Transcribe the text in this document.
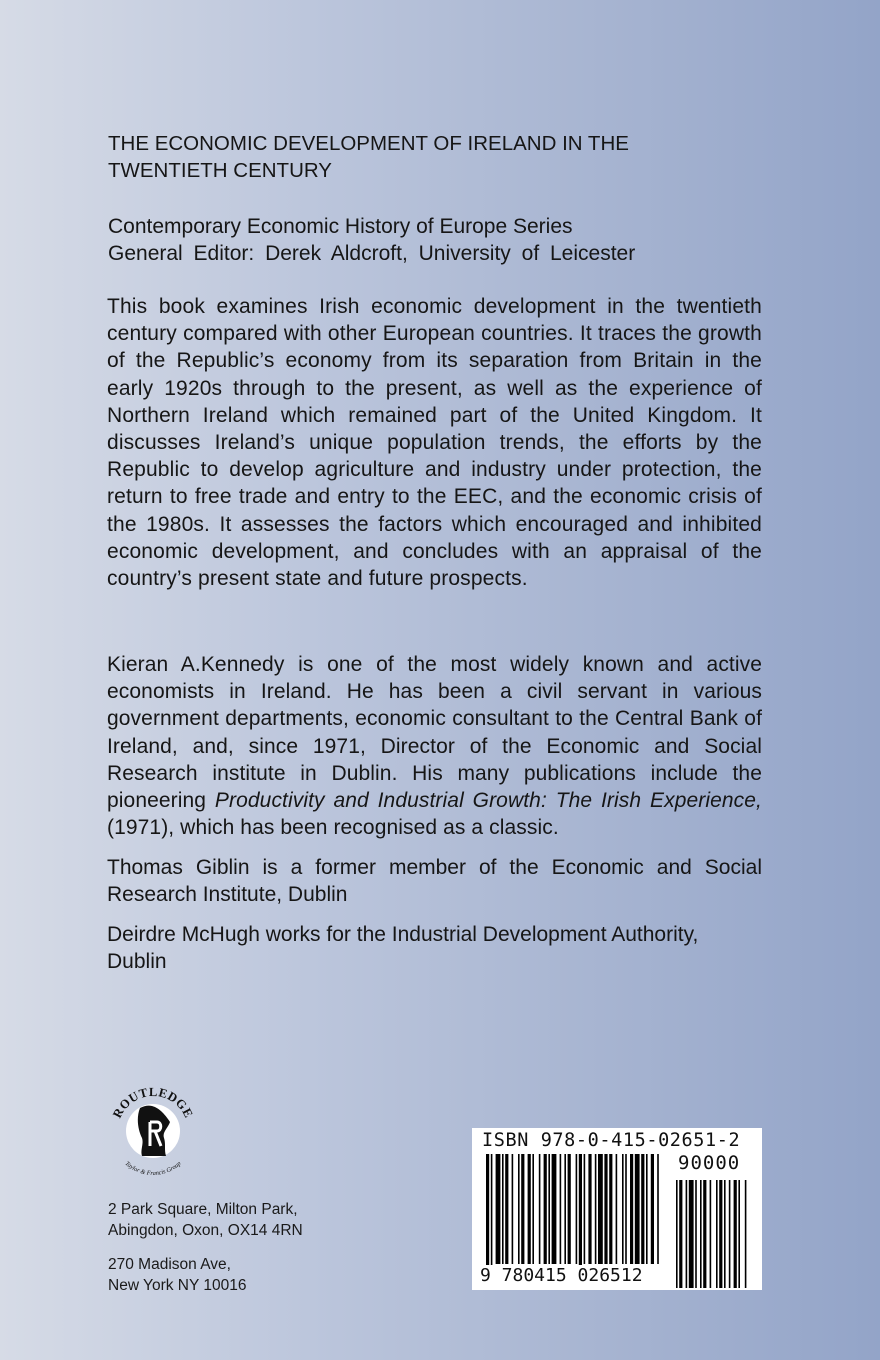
THE ECONOMIC DEVELOPMENT OF IRELAND IN THE
TWENTIETH CENTURY
Contemporary Economic History of Europe Series
General Editor: Derek Aldcroft, University of Leicester
This book examines Irish economic development in the twentieth century compared with other European countries. It traces the growth of the Republic’s economy from its separation from Britain in the early 1920s through to the present, as well as the experience of Northern Ireland which remained part of the United Kingdom. It discusses Ireland’s unique population trends, the efforts by the Republic to develop agriculture and industry under protection, the return to free trade and entry to the EEC, and the economic crisis of the 1980s. It assesses the factors which encouraged and inhibited economic development, and concludes with an appraisal of the country’s present state and future prospects.
Kieran A.Kennedy is one of the most widely known and active economists in Ireland. He has been a civil servant in various government departments, economic consultant to the Central Bank of Ireland, and, since 1971, Director of the Economic and Social Research institute in Dublin. His many publications include the pioneering Productivity and Industrial Growth: The Irish Experience, (1971), which has been recognised as a classic.
Thomas Giblin is a former member of the Economic and Social Research Institute, Dublin
Deirdre McHugh works for the Industrial Development Authority,
Dublin
ROUTLEDGE
Taylor & Francis Group
2 Park Square, Milton Park,
Abingdon, Oxon, OX14 4RN
270 Madison Ave,
New York NY 10016
ISBN 978-0-415-02651-2
90000
9 780415 026512
